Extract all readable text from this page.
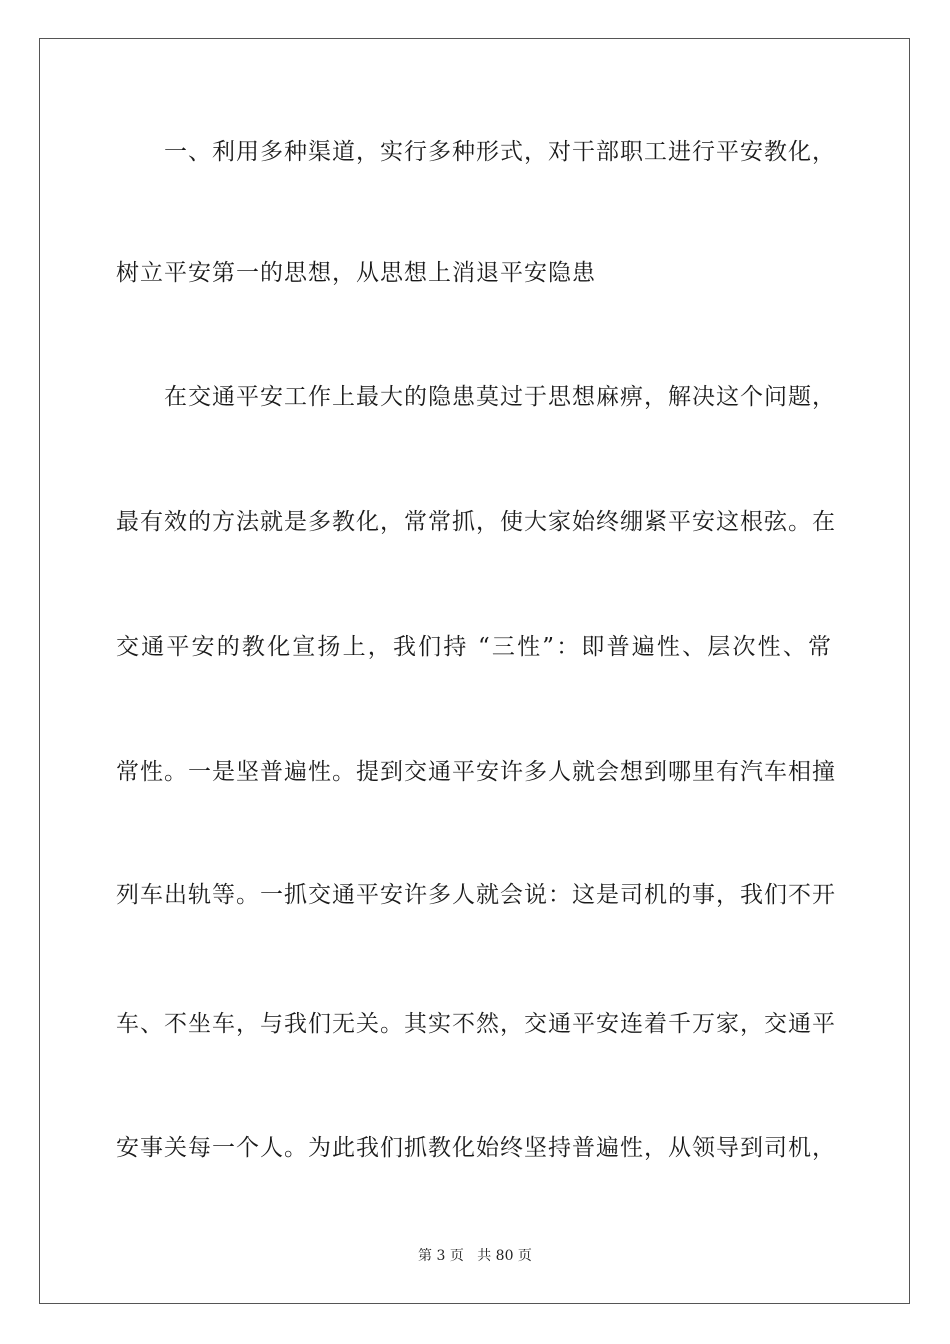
一、利用多种渠道，实行多种形式，对干部职工进行平安教化，
树立平安第一的思想，从思想上消退平安隐患
在交通平安工作上最大的隐患莫过于思想麻痹，解决这个问题，
最有效的方法就是多教化，常常抓，使大家始终绷紧平安这根弦。在
交通平安的教化宣扬上，我们持 “三性”：即普遍性、层次性、常
常性。一是坚普遍性。提到交通平安许多人就会想到哪里有汽车相撞
列车出轨等。一抓交通平安许多人就会说：这是司机的事，我们不开
车、不坐车，与我们无关。其实不然，交通平安连着千万家，交通平
安事关每一个人。为此我们抓教化始终坚持普遍性，从领导到司机，
第 3 页 共 80 页
